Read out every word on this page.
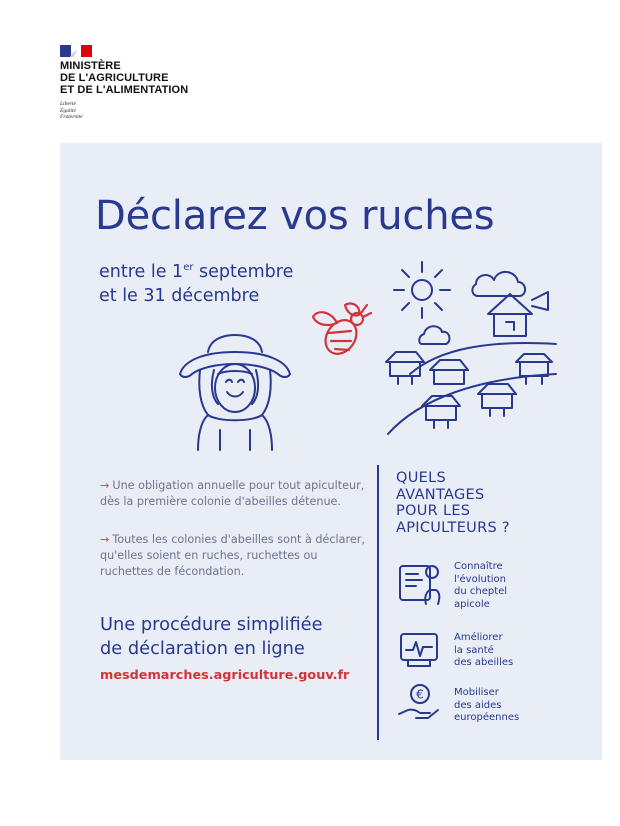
MINISTÈRE
DE L'AGRICULTURE
ET DE L'ALIMENTATION
Liberté
Égalité
Fraternité
Déclarez vos ruches
entre le 1er septembre
et le 31 décembre
→ Une obligation annuelle pour tout apiculteur, dès la première colonie d'abeilles détenue.
→ Toutes les colonies d'abeilles sont à déclarer, qu'elles soient en ruches, ruchettes ou ruchettes de fécondation.
Une procédure simplifiée
de déclaration en ligne
mesdemarches.agriculture.gouv.fr
QUELS
AVANTAGES
POUR LES
APICULTEURS ?
Connaître
l'évolution
du cheptel
apicole
Améliorer
la santé
des abeilles
€	Mobiliser
des aides
européennes
